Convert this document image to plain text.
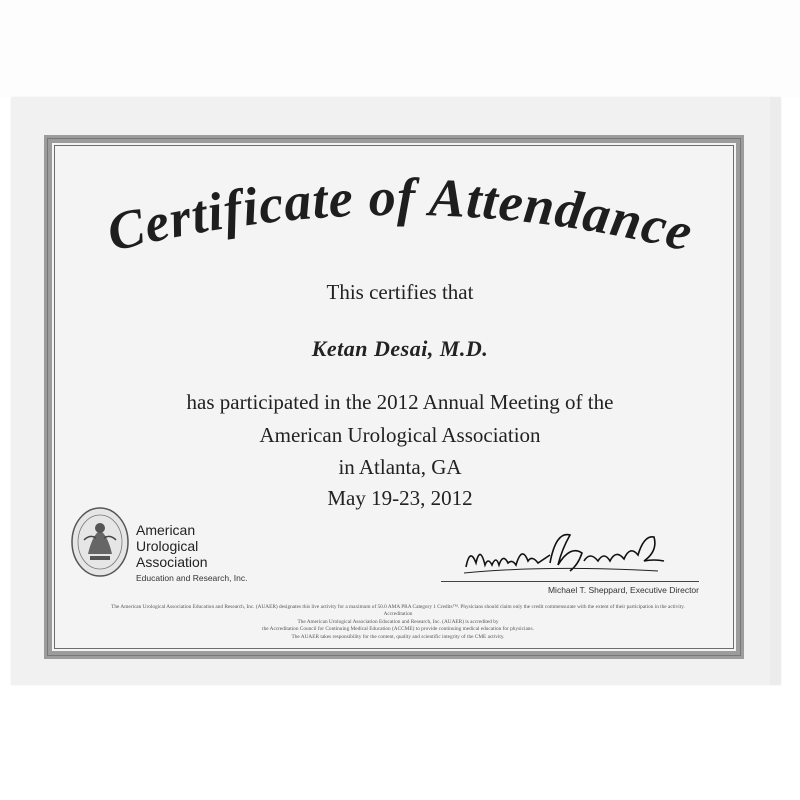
Certificate of Attendance
This certifies that
Ketan Desai, M.D.
has participated in the 2012 Annual Meeting of the
American Urological Association
in Atlanta, GA
May 19-23, 2012
American
Urological
Association
Education and Research, Inc.
Michael T. Sheppard, Executive Director
The American Urological Association Education and Research, Inc. (AUAER) designates this live activity for a maximum of 50.0 AMA PRA Category 1 Credits™. Physicians should claim only the credit commensurate with the extent of their participation in the activity.
Accreditation
The American Urological Association Education and Research, Inc. (AUAER) is accredited by
the Accreditation Council for Continuing Medical Education (ACCME) to provide continuing medical education for physicians.
The AUAER takes responsibility for the content, quality and scientific integrity of the CME activity.
